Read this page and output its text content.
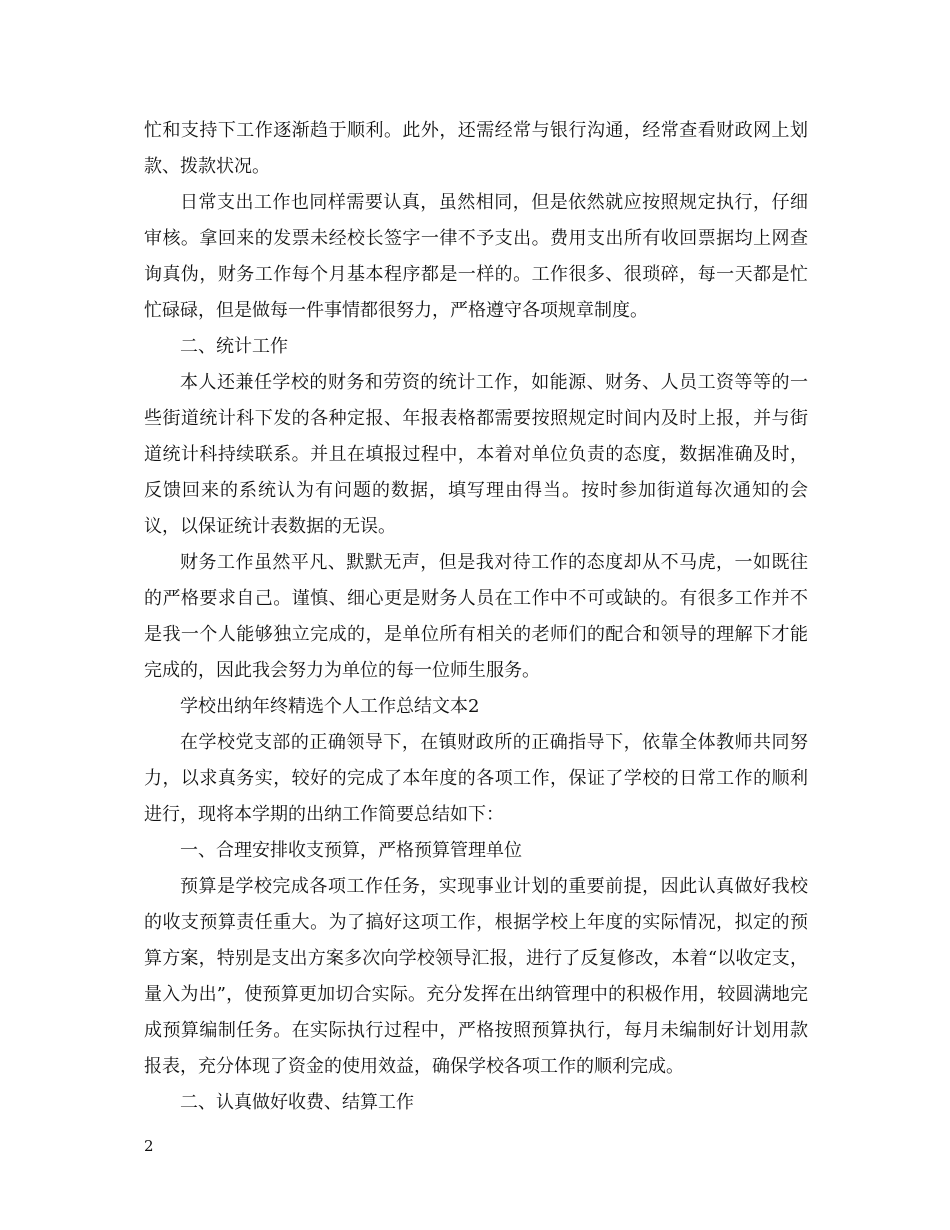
忙和支持下工作逐渐趋于顺利。此外，还需经常与银行沟通，经常查看财政网上划款、拨款状况。

日常支出工作也同样需要认真，虽然相同，但是依然就应按照规定执行，仔细审核。拿回来的发票未经校长签字一律不予支出。费用支出所有收回票据均上网查询真伪，财务工作每个月基本程序都是一样的。工作很多、很琐碎，每一天都是忙忙碌碌，但是做每一件事情都很努力，严格遵守各项规章制度。

二、统计工作

本人还兼任学校的财务和劳资的统计工作，如能源、财务、人员工资等等的一些街道统计科下发的各种定报、年报表格都需要按照规定时间内及时上报，并与街道统计科持续联系。并且在填报过程中，本着对单位负责的态度，数据准确及时，反馈回来的系统认为有问题的数据，填写理由得当。按时参加街道每次通知的会议，以保证统计表数据的无误。

财务工作虽然平凡、默默无声，但是我对待工作的态度却从不马虎，一如既往的严格要求自己。谨慎、细心更是财务人员在工作中不可或缺的。有很多工作并不是我一个人能够独立完成的，是单位所有相关的老师们的配合和领导的理解下才能完成的，因此我会努力为单位的每一位师生服务。

学校出纳年终精选个人工作总结文本2

在学校党支部的正确领导下，在镇财政所的正确指导下，依靠全体教师共同努力，以求真务实，较好的完成了本年度的各项工作，保证了学校的日常工作的顺利进行，现将本学期的出纳工作简要总结如下：

一、合理安排收支预算，严格预算管理单位

预算是学校完成各项工作任务，实现事业计划的重要前提，因此认真做好我校的收支预算责任重大。为了搞好这项工作，根据学校上年度的实际情况，拟定的预算方案，特别是支出方案多次向学校领导汇报，进行了反复修改，本着“以收定支，量入为出”，使预算更加切合实际。充分发挥在出纳管理中的积极作用，较圆满地完成预算编制任务。在实际执行过程中，严格按照预算执行，每月未编制好计划用款报表，充分体现了资金的使用效益，确保学校各项工作的顺利完成。

二、认真做好收费、结算工作

2
